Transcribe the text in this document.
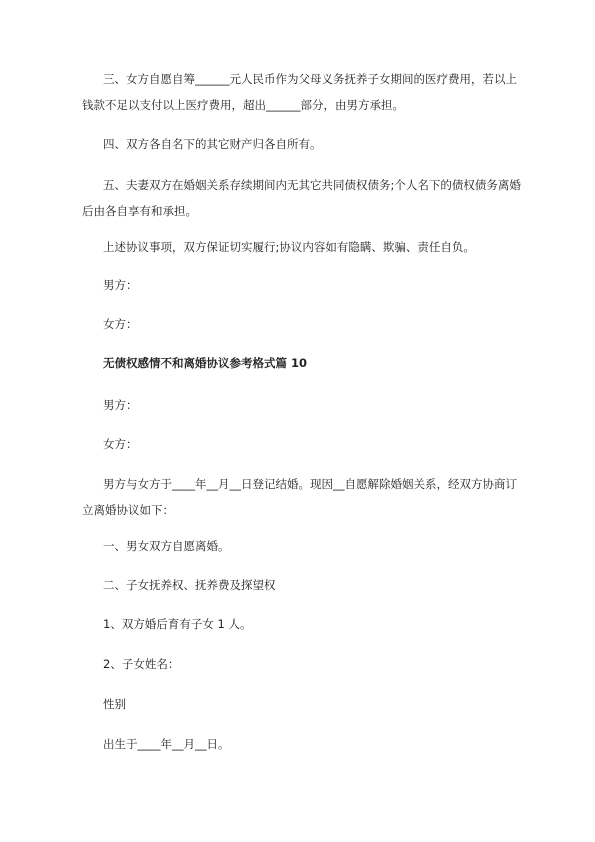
三、女方自愿自筹______元人民币作为父母义务抚养子女期间的医疗费用，若以上钱款不足以支付以上医疗费用，超出______部分，由男方承担。

四、双方各自名下的其它财产归各自所有。

五、夫妻双方在婚姻关系存续期间内无其它共同债权债务;个人名下的债权债务离婚后由各自享有和承担。

上述协议事项，双方保证切实履行;协议内容如有隐瞒、欺骗、责任自负。

男方：

女方：

无债权感情不和离婚协议参考格式篇 10

男方：

女方：

男方与女方于____年__月__日登记结婚。现因__自愿解除婚姻关系，经双方协商订立离婚协议如下：

一、男女双方自愿离婚。

二、子女抚养权、抚养费及探望权

1、双方婚后育有子女 1 人。

2、子女姓名：

性别

出生于____年__月__日。
